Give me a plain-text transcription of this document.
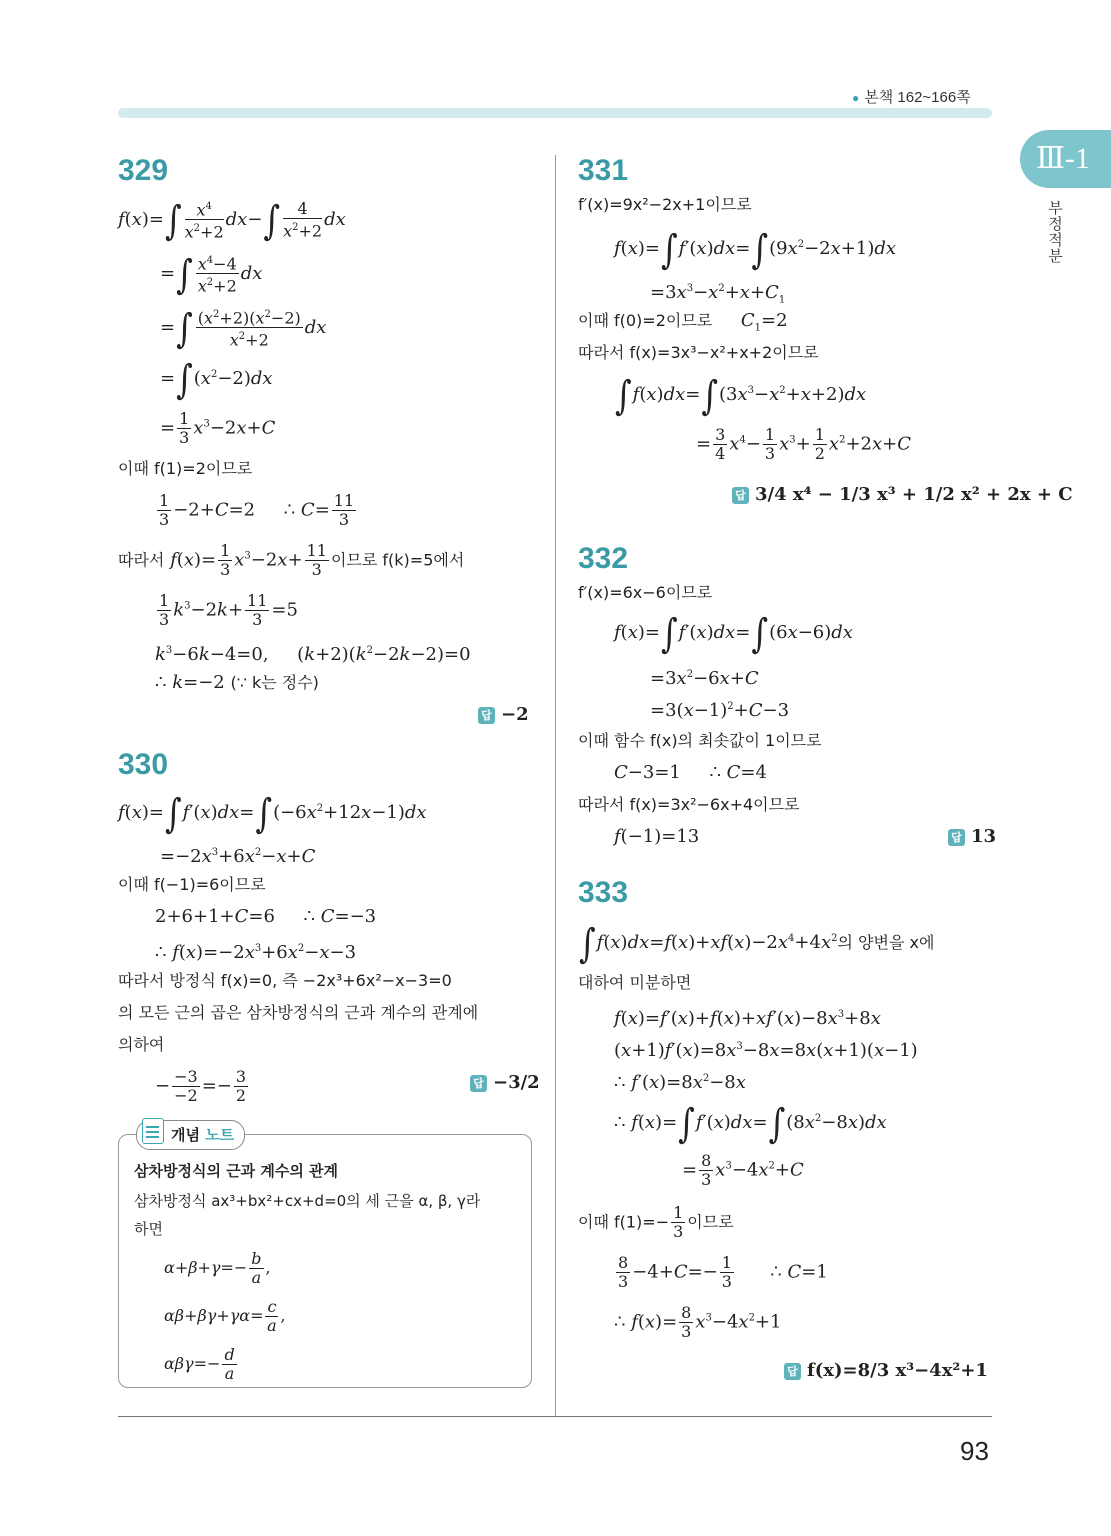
● 본책 162~166쪽
Ⅲ-1
부정적분
93
329
$f(x)=\int \frac{x^4}{x^2+2} dx-\int \frac{4}{x^2+2}$ dx
=∫ $\frac{x^4-4}{x^2+2}$ dx
=∫ $\frac{(x^2+2)(x^2-2)}{x^2+2}$ dx
$=\int(x^2-2)dx$
= $\frac{1}{3} x^3-2x+C$
이때 f(1)=2이므로
$\frac{1}{3} -2+C=2$     ∴ $C= \frac{11}{3}$
따라서 $f(x)= \frac{1}{3} x^3-2x+ \frac{11}{3}$ 이므로 f(k)=5에서
$\frac{1}{3} k^3-2k+ \frac{11}{3} =5$
$k^3-6k-4=0$,     $(k+2)(k^2-2k-2)=0$
∴ k=−2 (∵ k는 정수)
답 −2
330
$f(x)=\int f'(x)dx=\int(-6x^2+12x-1)dx$
$=-2x^3+6x^2-x+C$
이때 f(−1)=6이므로
2+6+1+C=6     ∴ C=−3
∴ $f(x)=-2x^3+6x^2-x-3$
따라서 방정식 f(x)=0, 즉 −2x³+6x²−x−3=0
의 모든 근의 곱은 삼차방정식의 근과 계수의 관계에
의하여
− $\frac{-3}{-2} =- \frac{3}{2}$	답 −3/2
개념 노트
삼차방정식의 근과 계수의 관계
삼차방정식 ax³+bx²+cx+d=0의 세 근을 α, β, γ라
하면
$\alpha+\beta+\gamma=- \frac{b}{a}$ ,
$\alpha\beta+\beta\gamma+\gamma\alpha= \frac{c}{a}$ ,
$\alpha\beta\gamma=- \frac{d}{a}$
331
f′(x)=9x²−2x+1이므로
$f(x)=\int f'(x)dx=\int(9x^2-2x+1)dx$
$=3x^3-x^2+x+C_1$
이때 f(0)=2이므로 $C_1=2$
따라서 f(x)=3x³−x²+x+2이므로
$\int f(x)dx=\int(3x^3-x^2+x+2)dx$
= $\frac{3}{4} x^4- \frac{1}{3} x^3+ \frac{1}{2} x^2+2x+C$
답 3/4 x⁴ − 1/3 x³ + 1/2 x² + 2x + C
332
f′(x)=6x−6이므로
f(x)=∫f′(x)dx=∫(6x−6)dx
$=3x^2-6x+C$
$=3(x-1)^2+C-3$
이때 함수 f(x)의 최솟값이 1이므로
C−3=1     ∴ C=4
따라서 f(x)=3x²−6x+4이므로
f(−1)=13	답 13
333
$\int f(x)dx=f(x)+xf(x)-2x^4+4x^2$의 양변을 x에
대하여 미분하면
$f(x)=f'(x)+f(x)+xf'(x)-8x^3+8x$
$(x+1)f'(x)=8x^3-8x=8x(x+1)(x-1)$
∴ $f'(x)=8x^2-8x$
∴ $f(x)=\int f'(x)dx=\int(8x^2-8x)dx$
= $\frac{8}{3} x^3-4x^2+C$
이때 $f(1)=- \frac{1}{3}$ 이므로
$\frac{8}{3} -4+C=- \frac{1}{3}$ ∴ C=1
∴ $f(x)= \frac{8}{3} x^3-4x^2+1$
답 f(x)=8/3 x³−4x²+1
